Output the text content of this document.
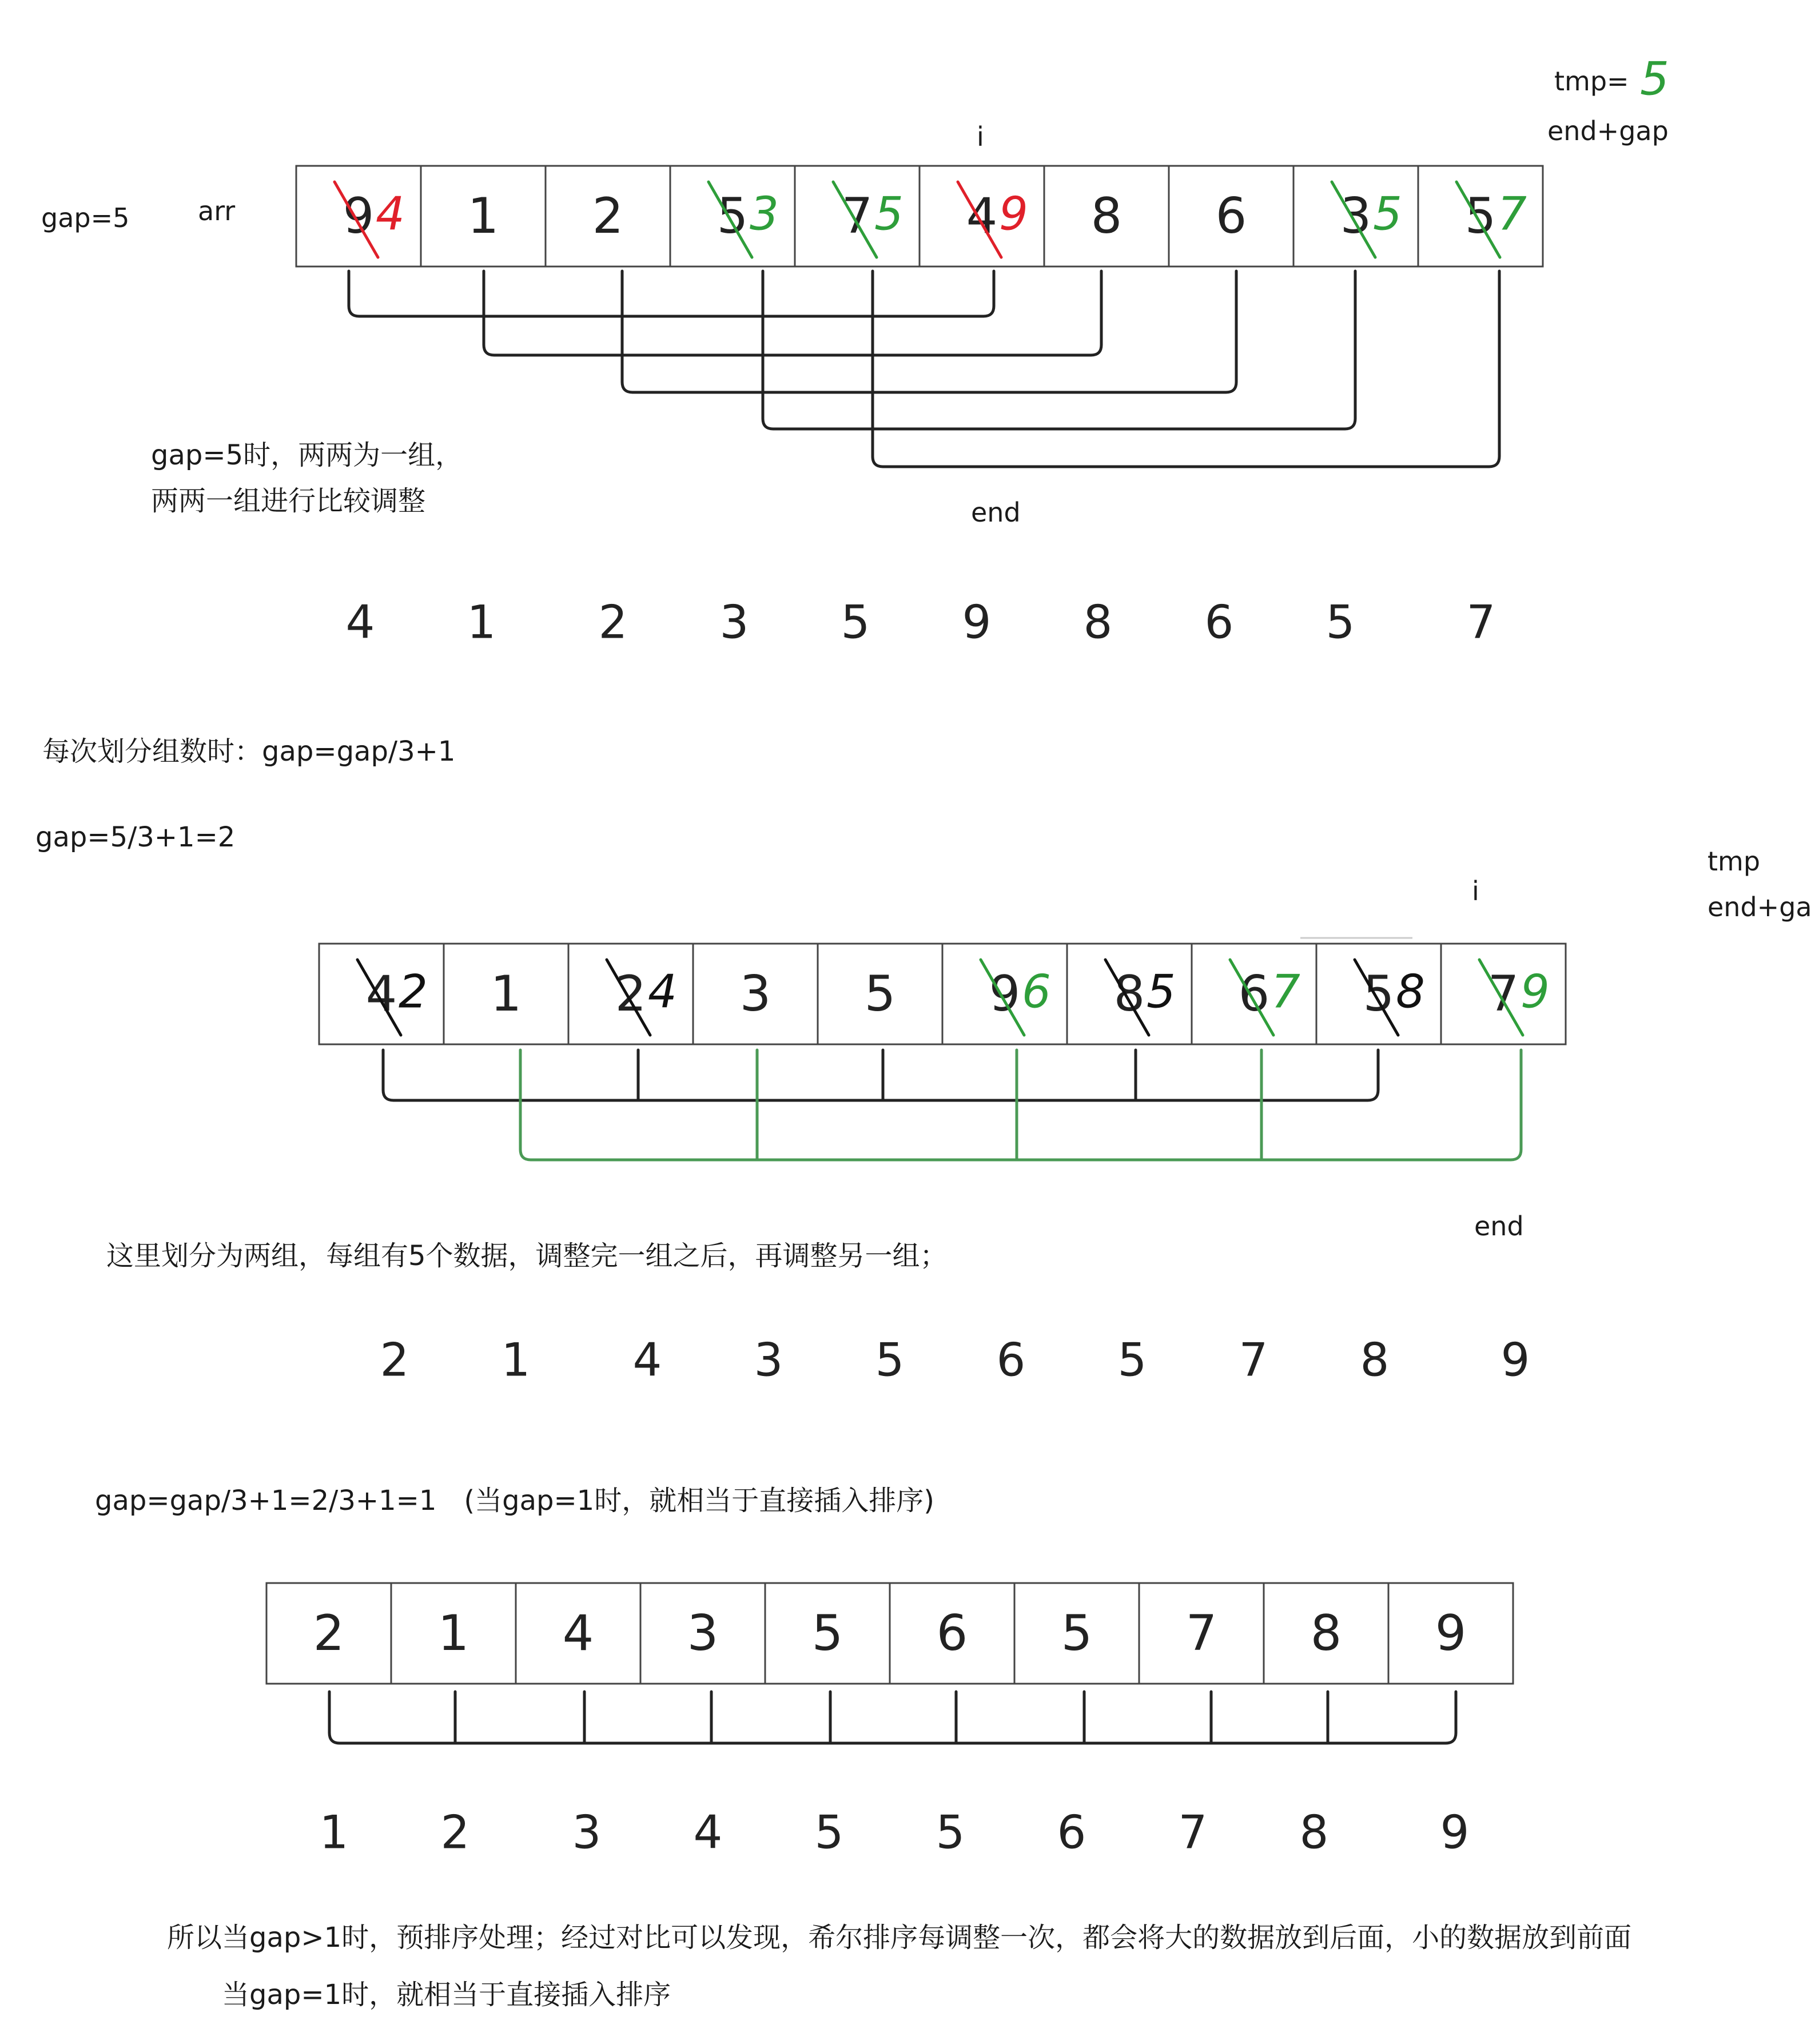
gap=5	arr
i
tmp= 5
end+gap
9 1 2 5 7 4 8 6 3 5
4	3 5 9	5 7
gap=5时，两两为一组，
两两一组进行比较调整	end
4 1 2 3 5 9 8 6 5 7
每次划分组数时：gap=gap/3+1
gap=5/3+1=2
tmp
i
end+ga
4 1 2 3 5 9 8 6 5 7
2	4	6 5 7 8 9
end
这里划分为两组，每组有5个数据，调整完一组之后，再调整另一组；
2 1 4 3 5 6 5 7 8 9
gap=gap/3+1=2/3+1=1　(当gap=1时，就相当于直接插入排序)
2 1 4 3 5 6 5 7 8 9
1 2 3 4 5 5 6 7 8 9
所以当gap>1时，预排序处理；经过对比可以发现，希尔排序每调整一次，都会将大的数据放到后面，小的数据放到前面
当gap=1时，就相当于直接插入排序
